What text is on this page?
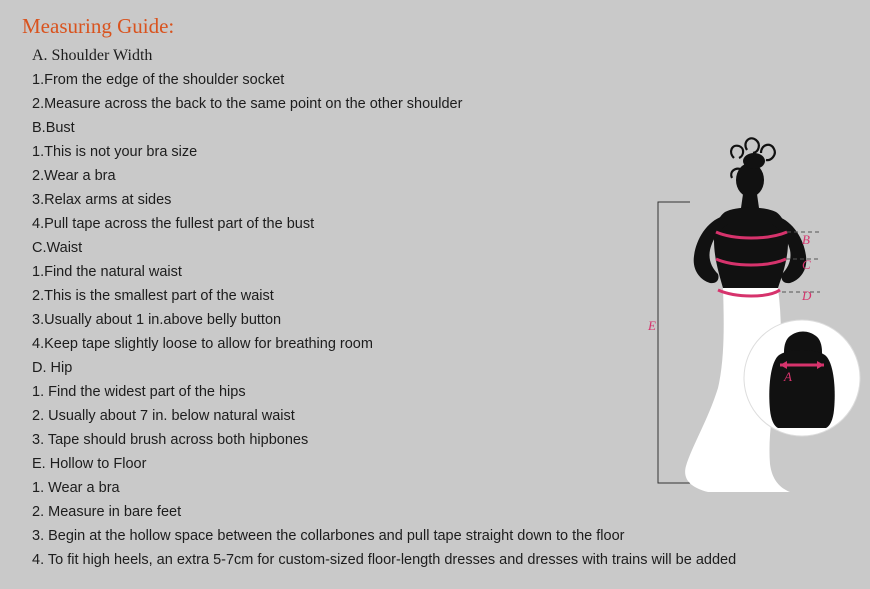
Measuring Guide:
A. Shoulder Width
1.From the edge of the shoulder socket
2.Measure across the back to the same point on the other shoulder
B.Bust
1.This is not your bra size
2.Wear a bra
3.Relax arms at sides
4.Pull tape across the fullest part of the bust
C.Waist
1.Find the natural waist
2.This is the smallest part of the waist
3.Usually about 1 in.above belly button
4.Keep tape slightly loose to allow for breathing room
D. Hip
1. Find the widest part of the hips
2. Usually about 7 in. below natural waist
3. Tape should brush across both hipbones
E. Hollow to Floor
1. Wear a bra
2. Measure in bare feet
3. Begin at the hollow space between the collarbones and pull tape straight down to the floor
4. To fit high heels, an extra 5-7cm for custom-sized floor-length dresses and dresses with trains will be added
B
C
D
E
A
